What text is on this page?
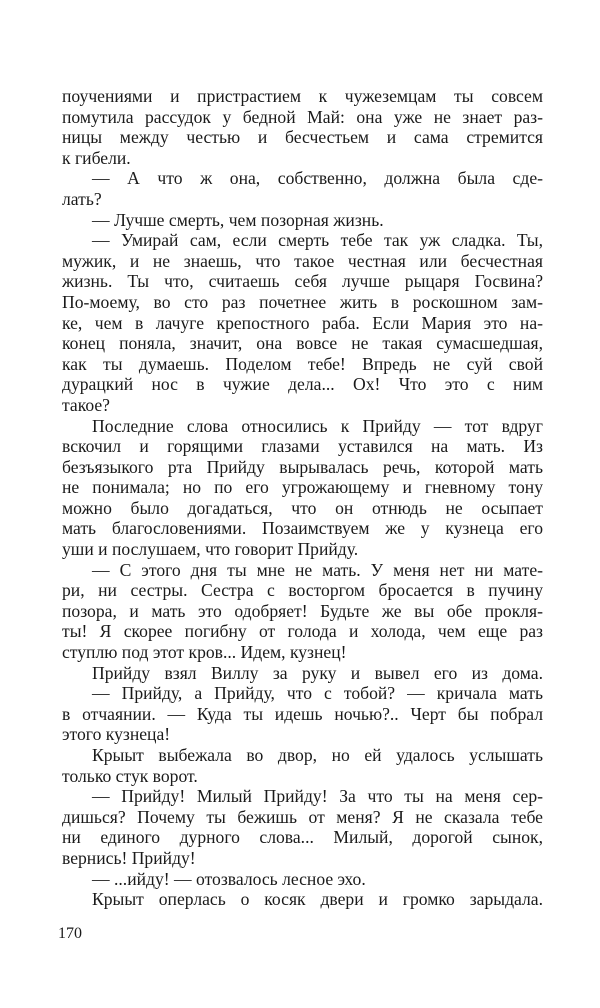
поучениями и пристрастием к чужеземцам ты совсем
помутила рассудок у бедной Май: она уже не знает раз-
ницы между честью и бесчестьем и сама стремится
к гибели.
— А что ж она, собственно, должна была сде-
лать?
— Лучше смерть, чем позорная жизнь.
— Умирай сам, если смерть тебе так уж сладка. Ты,
мужик, и не знаешь, что такое честная или бесчестная
жизнь. Ты что, считаешь себя лучше рыцаря Госвина?
По-моему, во сто раз почетнее жить в роскошном зам-
ке, чем в лачуге крепостного раба. Если Мария это на-
конец поняла, значит, она вовсе не такая сумасшедшая,
как ты думаешь. Поделом тебе! Впредь не суй свой
дурацкий нос в чужие дела... Ох! Что это с ним
такое?
Последние слова относились к Прийду — тот вдруг
вскочил и горящими глазами уставился на мать. Из
безъязыкого рта Прийду вырывалась речь, которой мать
не понимала; но по его угрожающему и гневному тону
можно было догадаться, что он отнюдь не осыпает
мать благословениями. Позаимствуем же у кузнеца его
уши и послушаем, что говорит Прийду.
— С этого дня ты мне не мать. У меня нет ни мате-
ри, ни сестры. Сестра с восторгом бросается в пучину
позора, и мать это одобряет! Будьте же вы обе прокля-
ты! Я скорее погибну от голода и холода, чем еще раз
ступлю под этот кров... Идем, кузнец!
Прийду взял Виллу за руку и вывел его из дома.
— Прийду, а Прийду, что с тобой? — кричала мать
в отчаянии. — Куда ты идешь ночью?.. Черт бы побрал
этого кузнеца!
Крыыт выбежала во двор, но ей удалось услышать
только стук ворот.
— Прийду! Милый Прийду! За что ты на меня сер-
дишься? Почему ты бежишь от меня? Я не сказала тебе
ни единого дурного слова... Милый, дорогой сынок,
вернись! Прийду!
— ...ийду! — отозвалось лесное эхо.
Крыыт оперлась о косяк двери и громко зарыдала.
170
